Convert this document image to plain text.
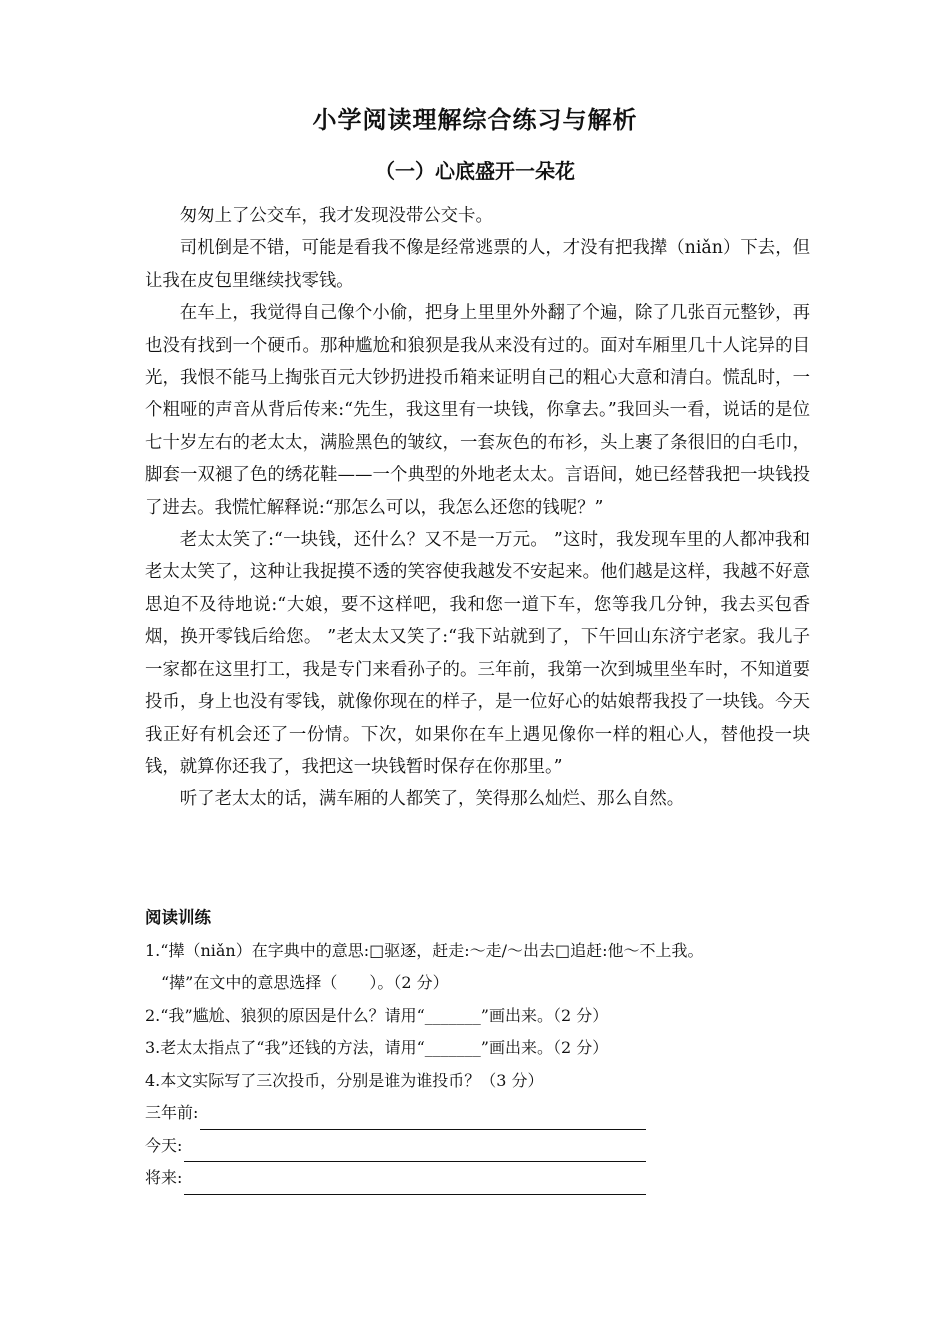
小学阅读理解综合练习与解析
（一）心底盛开一朵花

匆匆上了公交车，我才发现没带公交卡。

司机倒是不错，可能是看我不像是经常逃票的人，才没有把我撵（niǎn）下去，但让我在皮包里继续找零钱。

在车上，我觉得自己像个小偷，把身上里里外外翻了个遍，除了几张百元整钞，再也没有找到一个硬币。那种尴尬和狼狈是我从来没有过的。面对车厢里几十人诧异的目光，我恨不能马上掏张百元大钞扔进投币箱来证明自己的粗心大意和清白。慌乱时，一个粗哑的声音从背后传来:“先生，我这里有一块钱，你拿去。”我回头一看，说话的是位七十岁左右的老太太，满脸黑色的皱纹，一套灰色的布衫，头上裹了条很旧的白毛巾，脚套一双褪了色的绣花鞋——一个典型的外地老太太。言语间，她已经替我把一块钱投了进去。我慌忙解释说:“那怎么可以，我怎么还您的钱呢？”

老太太笑了:“一块钱，还什么？又不是一万元。 ”这时，我发现车里的人都冲我和老太太笑了，这种让我捉摸不透的笑容使我越发不安起来。他们越是这样，我越不好意思迫不及待地说:“大娘，要不这样吧，我和您一道下车，您等我几分钟，我去买包香烟，换开零钱后给您。 ”老太太又笑了:“我下站就到了，下午回山东济宁老家。我儿子一家都在这里打工，我是专门来看孙子的。三年前，我第一次到城里坐车时，不知道要投币，身上也没有零钱，就像你现在的样子，是一位好心的姑娘帮我投了一块钱。今天我正好有机会还了一份情。下次，如果你在车上遇见像你一样的粗心人，替他投一块钱，就算你还我了，我把这一块钱暂时保存在你那里。”

听了老太太的话，满车厢的人都笑了，笑得那么灿烂、那么自然。

阅读训练
1.“撵（niǎn）在字典中的意思:□驱逐，赶走:～走/～出去□追赶:他～不上我。
“撵”在文中的意思选择（　　）。（2 分）
2.“我”尴尬、狼狈的原因是什么？请用“_______”画出来。（2 分）
3.老太太指点了“我”还钱的方法，请用“_______”画出来。（2 分）
4.本文实际写了三次投币，分别是谁为谁投币？（3 分）
三年前:
今天:
将来:
